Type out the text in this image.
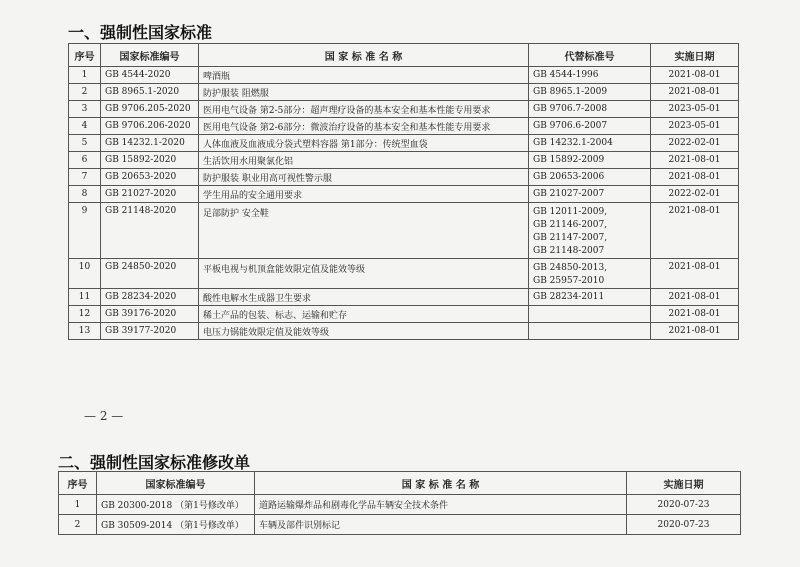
一、强制性国家标准
序号	国家标准编号	国 家 标 准 名 称	代替标准号	实施日期
1	GB 4544-2020	啤酒瓶	GB 4544-1996	2021-08-01
2	GB 8965.1-2020	防护服装 阻燃服	GB 8965.1-2009	2021-08-01
3	GB 9706.205-2020	医用电气设备 第2-5部分：超声理疗设备的基本安全和基本性能专用要求	GB 9706.7-2008	2023-05-01
4	GB 9706.206-2020	医用电气设备 第2-6部分：微波治疗设备的基本安全和基本性能专用要求	GB 9706.6-2007	2023-05-01
5	GB 14232.1-2020	人体血液及血液成分袋式塑料容器 第1部分：传统型血袋	GB 14232.1-2004	2022-02-01
6	GB 15892-2020	生活饮用水用聚氯化铝	GB 15892-2009	2021-08-01
7	GB 20653-2020	防护服装 职业用高可视性警示服	GB 20653-2006	2021-08-01
8	GB 21027-2020	学生用品的安全通用要求	GB 21027-2007	2022-02-01
9	GB 21148-2020	足部防护 安全鞋	GB 12011-2009,
GB 21146-2007,
GB 21147-2007,
GB 21148-2007	2021-08-01
10	GB 24850-2020	平板电视与机顶盒能效限定值及能效等级	GB 24850-2013,
GB 25957-2010	2021-08-01
11	GB 28234-2020	酸性电解水生成器卫生要求	GB 28234-2011	2021-08-01
12	GB 39176-2020	稀土产品的包装、标志、运输和贮存		2021-08-01
13	GB 39177-2020	电压力锅能效限定值及能效等级		2021-08-01
— 2 —
二、强制性国家标准修改单
序号	国家标准编号	国 家 标 准 名 称	实施日期
1	GB 20300-2018 （第1号修改单）	道路运输爆炸品和剧毒化学品车辆安全技术条件	2020-07-23
2	GB 30509-2014 （第1号修改单）	车辆及部件识别标记	2020-07-23
